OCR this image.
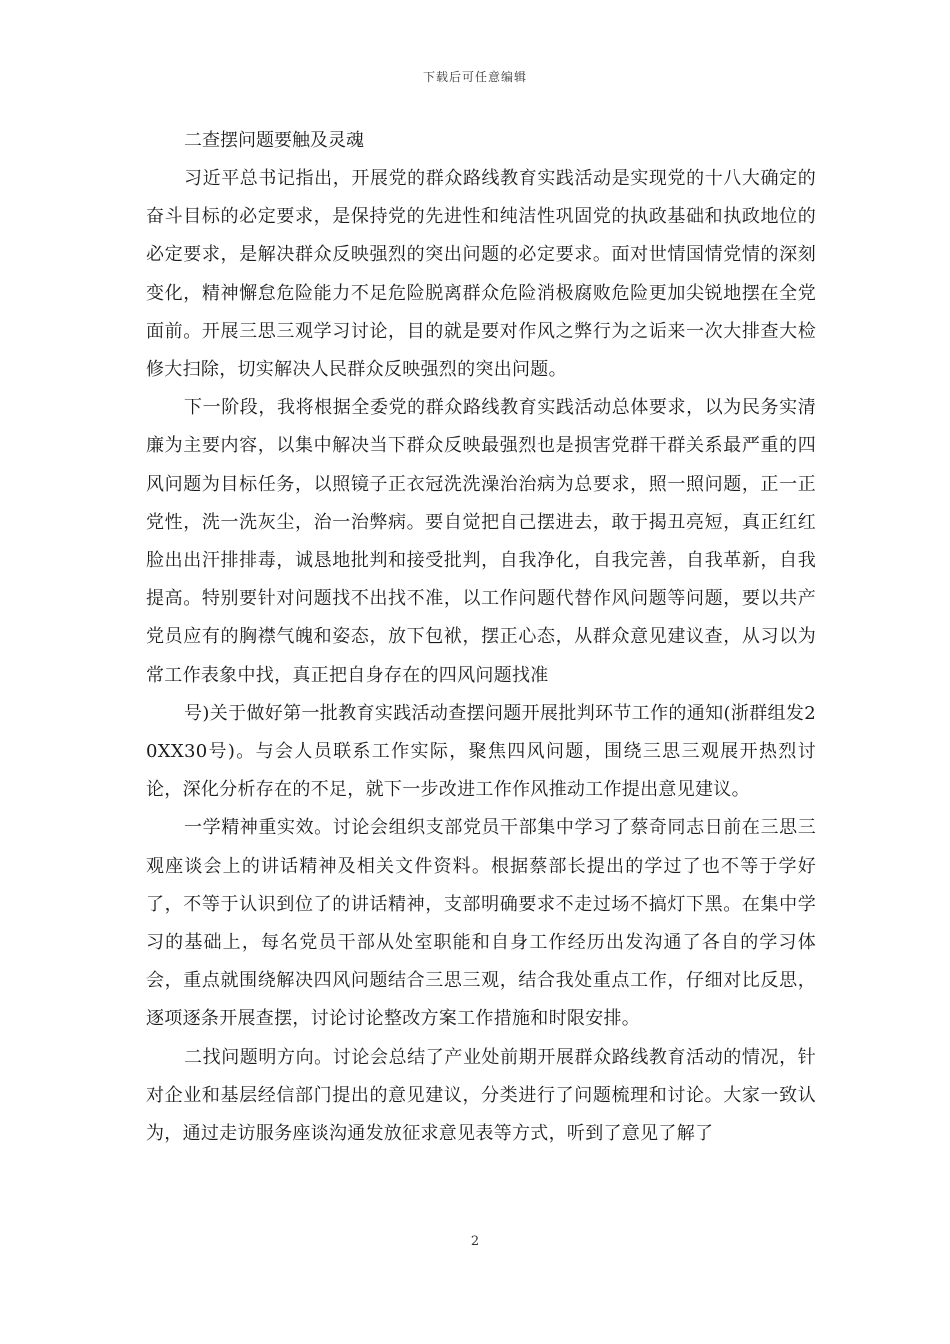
下载后可任意编辑

二查摆问题要触及灵魂

习近平总书记指出，开展党的群众路线教育实践活动是实现党的十八大确定的奋斗目标的必定要求，是保持党的先进性和纯洁性巩固党的执政基础和执政地位的必定要求，是解决群众反映强烈的突出问题的必定要求。面对世情国情党情的深刻变化，精神懈怠危险能力不足危险脱离群众危险消极腐败危险更加尖锐地摆在全党面前。开展三思三观学习讨论，目的就是要对作风之弊行为之诟来一次大排查大检修大扫除，切实解决人民群众反映强烈的突出问题。

下一阶段，我将根据全委党的群众路线教育实践活动总体要求，以为民务实清廉为主要内容，以集中解决当下群众反映最强烈也是损害党群干群关系最严重的四风问题为目标任务，以照镜子正衣冠洗洗澡治治病为总要求，照一照问题，正一正党性，洗一洗灰尘，治一治弊病。要自觉把自己摆进去，敢于揭丑亮短，真正红红脸出出汗排排毒，诚恳地批判和接受批判，自我净化，自我完善，自我革新，自我提高。特别要针对问题找不出找不准，以工作问题代替作风问题等问题，要以共产党员应有的胸襟气魄和姿态，放下包袱，摆正心态，从群众意见建议查，从习以为常工作表象中找，真正把自身存在的四风问题找准

号)关于做好第一批教育实践活动查摆问题开展批判环节工作的通知(浙群组发20XX30号)。与会人员联系工作实际，聚焦四风问题，围绕三思三观展开热烈讨论，深化分析存在的不足，就下一步改进工作作风推动工作提出意见建议。

一学精神重实效。讨论会组织支部党员干部集中学习了蔡奇同志日前在三思三观座谈会上的讲话精神及相关文件资料。根据蔡部长提出的学过了也不等于学好了，不等于认识到位了的讲话精神，支部明确要求不走过场不搞灯下黑。在集中学习的基础上，每名党员干部从处室职能和自身工作经历出发沟通了各自的学习体会，重点就围绕解决四风问题结合三思三观，结合我处重点工作，仔细对比反思，逐项逐条开展查摆，讨论讨论整改方案工作措施和时限安排。

二找问题明方向。讨论会总结了产业处前期开展群众路线教育活动的情况，针对企业和基层经信部门提出的意见建议，分类进行了问题梳理和讨论。大家一致认为，通过走访服务座谈沟通发放征求意见表等方式，听到了意见了解了

2
